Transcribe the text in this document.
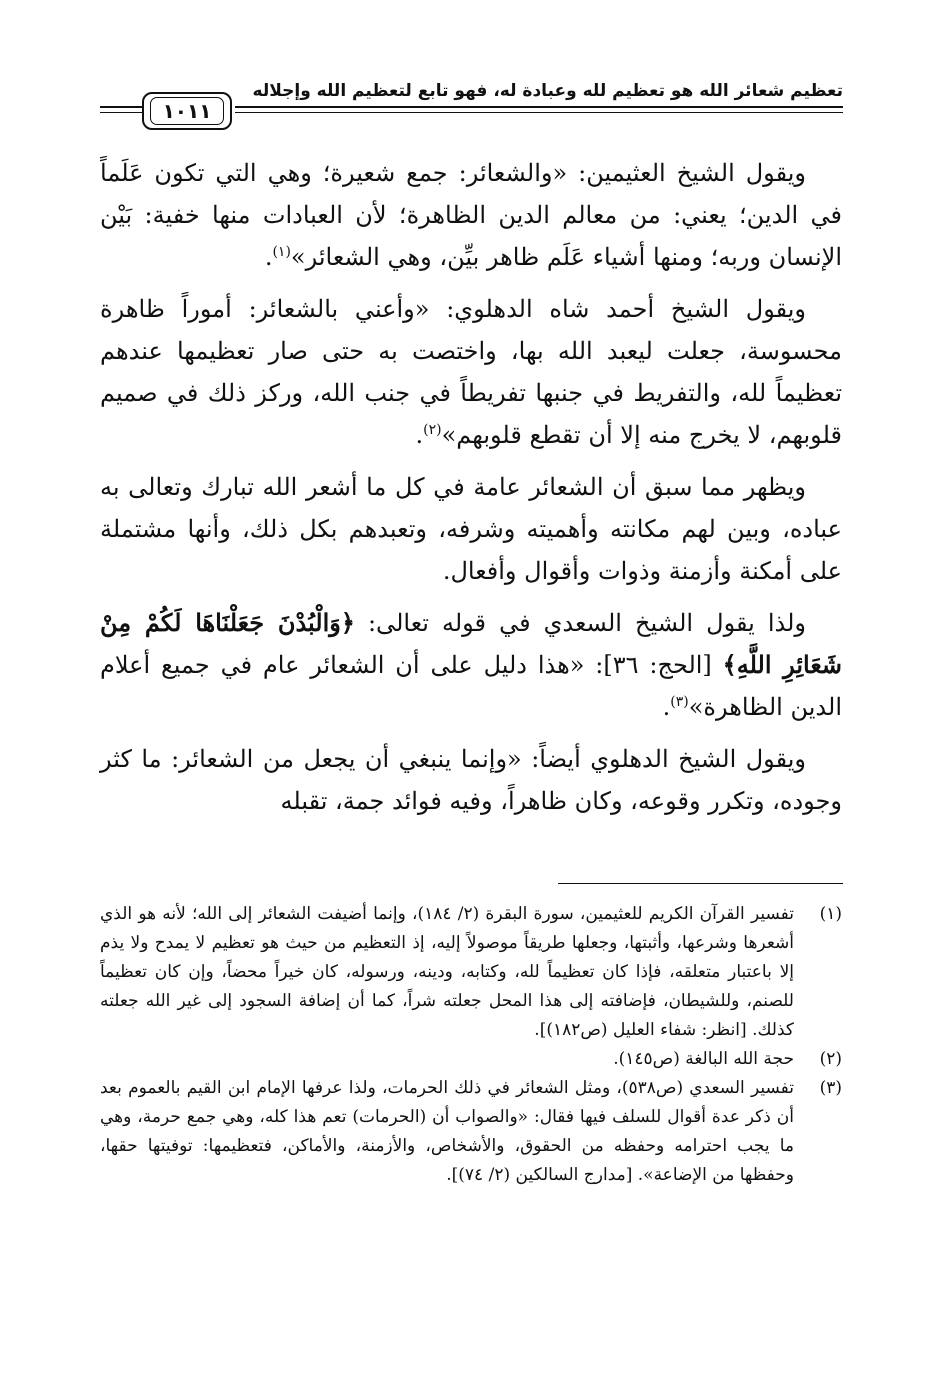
تعظيم شعائر الله هو تعظيم لله وعبادة له، فهو تابع لتعظيم الله وإجلاله
١٠١١

ويقول الشيخ العثيمين: «والشعائر: جمع شعيرة؛ وهي التي تكون عَلَماً في الدين؛ يعني: من معالم الدين الظاهرة؛ لأن العبادات منها خفية: بَيْن الإنسان وربه؛ ومنها أشياء عَلَم ظاهر بيِّن، وهي الشعائر»$^{(١)}$.

ويقول الشيخ أحمد شاه الدهلوي: «وأعني بالشعائر: أموراً ظاهرة محسوسة، جعلت ليعبد الله بها، واختصت به حتى صار تعظيمها عندهم تعظيماً لله، والتفريط في جنبها تفريطاً في جنب الله، وركز ذلك في صميم قلوبهم، لا يخرج منه إلا أن تقطع قلوبهم»$^{(٢)}$.

ويظهر مما سبق أن الشعائر عامة في كل ما أشعر الله تبارك وتعالى به عباده، وبين لهم مكانته وأهميته وشرفه، وتعبدهم بكل ذلك، وأنها مشتملة على أمكنة وأزمنة وذوات وأقوال وأفعال.

ولذا يقول الشيخ السعدي في قوله تعالى: ﴿وَالْبُدْنَ جَعَلْنَاهَا لَكُمْ مِنْ شَعَائِرِ اللَّهِ﴾ [الحج: ٣٦]: «هذا دليل على أن الشعائر عام في جميع أعلام الدين الظاهرة»$^{(٣)}$.

ويقول الشيخ الدهلوي أيضاً: «وإنما ينبغي أن يجعل من الشعائر: ما كثر وجوده، وتكرر وقوعه، وكان ظاهراً، وفيه فوائد جمة، تقبله

(١)
تفسير القرآن الكريم للعثيمين، سورة البقرة (٢/ ١٨٤)، وإنما أضيفت الشعائر إلى الله؛ لأنه هو الذي أشعرها وشرعها، وأثبتها، وجعلها طريقاً موصولاً إليه، إذ التعظيم من حيث هو تعظيم لا يمدح ولا يذم إلا باعتبار متعلقه، فإذا كان تعظيماً لله، وكتابه، ودينه، ورسوله، كان خيراً محضاً، وإن كان تعظيماً للصنم، وللشيطان، فإضافته إلى هذا المحل جعلته شراً، كما أن إضافة السجود إلى غير الله جعلته كذلك. [انظر: شفاء العليل (ص١٨٢)].
(٢)
حجة الله البالغة (ص١٤٥).
(٣)
تفسير السعدي (ص٥٣٨)، ومثل الشعائر في ذلك الحرمات، ولذا عرفها الإمام ابن القيم بالعموم بعد أن ذكر عدة أقوال للسلف فيها فقال: «والصواب أن (الحرمات) تعم هذا كله، وهي جمع حرمة، وهي ما يجب احترامه وحفظه من الحقوق، والأشخاص، والأزمنة، والأماكن، فتعظيمها: توفيتها حقها، وحفظها من الإضاعة». [مدارج السالكين (٢/ ٧٤)].
